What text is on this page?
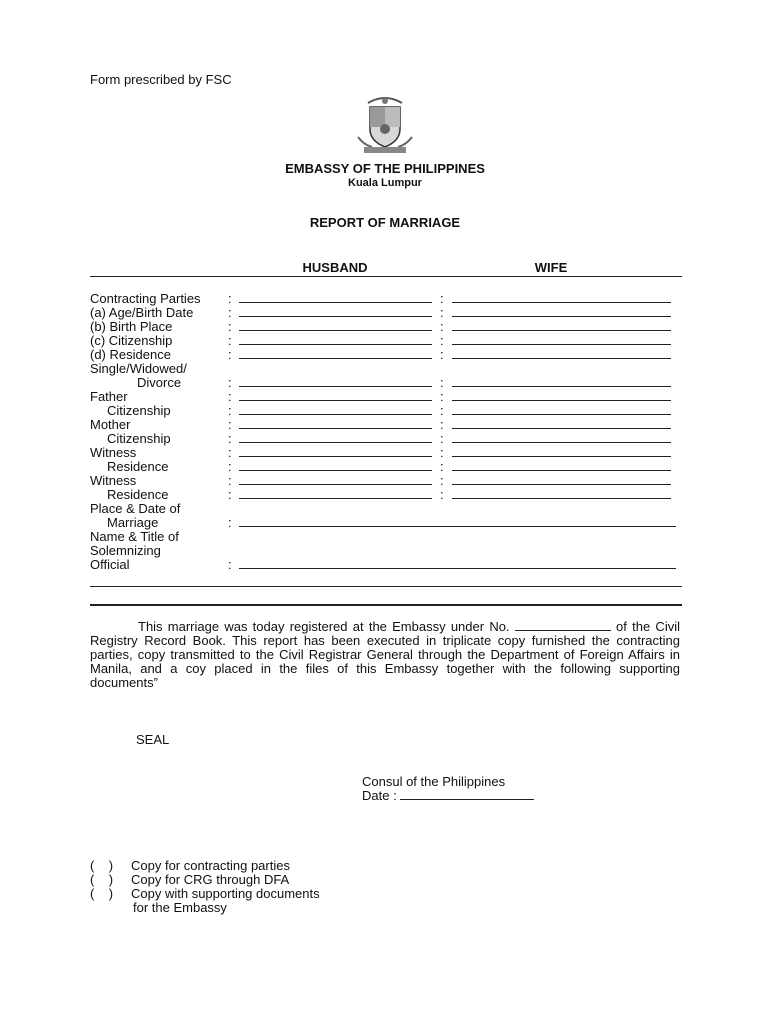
Form prescribed by FSC
EMBASSY OF THE PHILIPPINES
Kuala Lumpur
REPORT OF MARRIAGE
HUSBAND	WIFE
Contracting Parties
(a) Age/Birth Date
(b) Birth Place
(c) Citizenship
(d) Residence
Single/Widowed/
Divorce
Father
Citizenship
Mother
Citizenship
Witness
Residence
Witness
Residence
Place & Date of
Marriage
Name & Title of
Solemnizing
Official
:
:
:
:
:
:
:
:
:
:
:
:
:
:
:
:
:
:
:
:
:
:
:
:
:
:
:
:
:
:
This marriage was today registered at the Embassy under No.	of the Civil Registry Record Book. This report has been executed in triplicate copy furnished the contracting parties, copy transmitted to the Civil Registrar General through the Department of Foreign Affairs in Manila, and a coy placed in the files of this Embassy together with the following supporting documents”
SEAL
Consul of the Philippines
Date :
(    ) Copy for contracting parties
(    ) Copy for CRG through DFA
(    ) Copy with supporting documents
for the Embassy
